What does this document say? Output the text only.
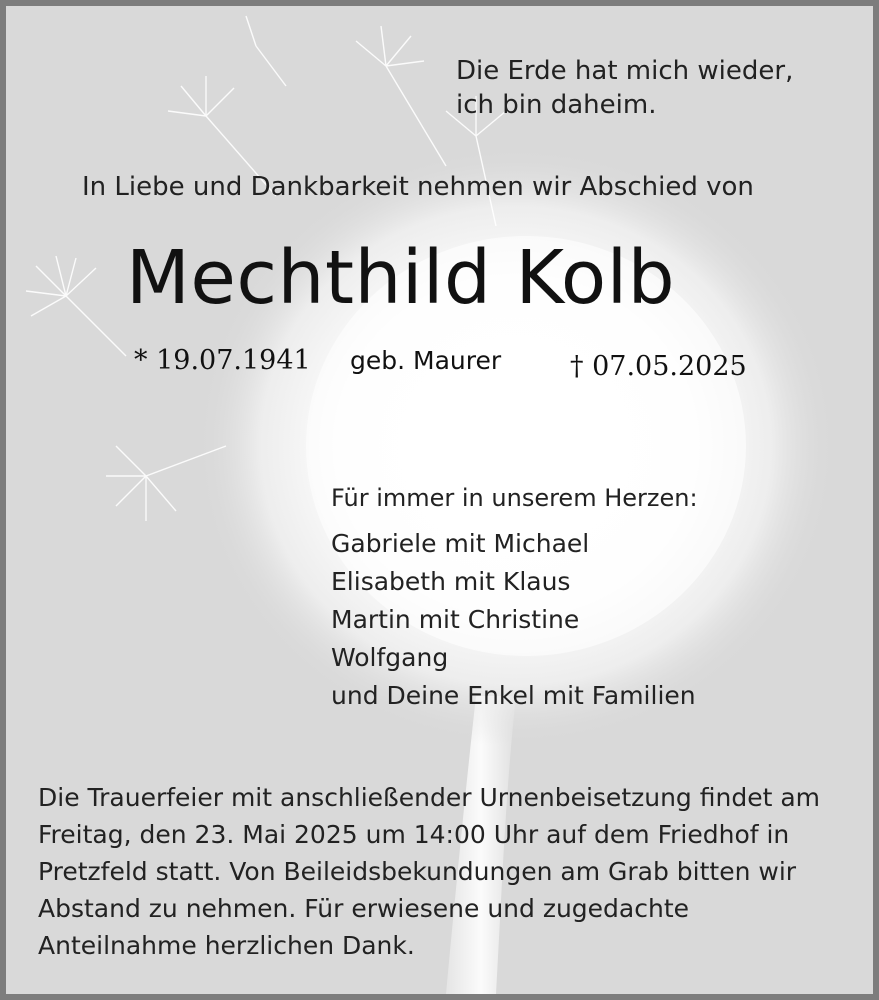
Die Erde hat mich wieder,
ich bin daheim.

In Liebe und Dankbarkeit nehmen wir Abschied von

Mechthild Kolb
* 19.07.1941 geb. Maurer	† 07.05.2025

Für immer in unserem Herzen:

Gabriele mit Michael
Elisabeth mit Klaus
Martin mit Christine
Wolfgang
und Deine Enkel mit Familien
Die Trauerfeier mit anschließender Urnenbeisetzung findet am
Freitag, den 23. Mai 2025 um 14:00 Uhr auf dem Friedhof in
Pretzfeld statt. Von Beileidsbekundungen am Grab bitten wir
Abstand zu nehmen. Für erwiesene und zugedachte
Anteilnahme herzlichen Dank.
